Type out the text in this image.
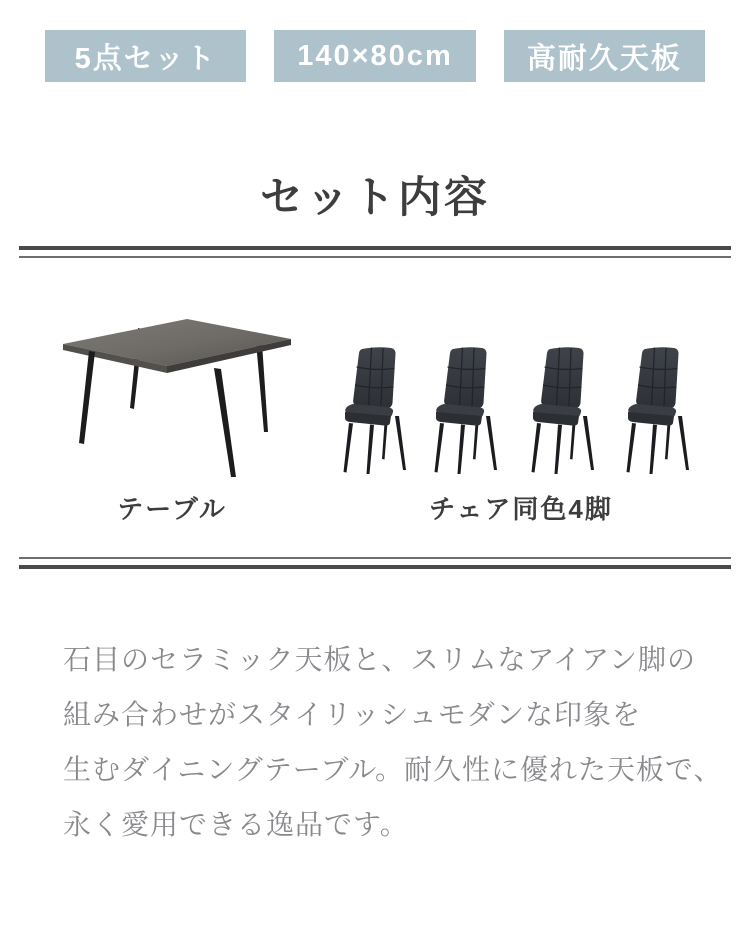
5点セット	140×80cm	高耐久天板
セット内容
テーブル	チェア同色4脚
石目のセラミック天板と、スリムなアイアン脚の
組み合わせがスタイリッシュモダンな印象を
生むダイニングテーブル。耐久性に優れた天板で、
永く愛用できる逸品です。
